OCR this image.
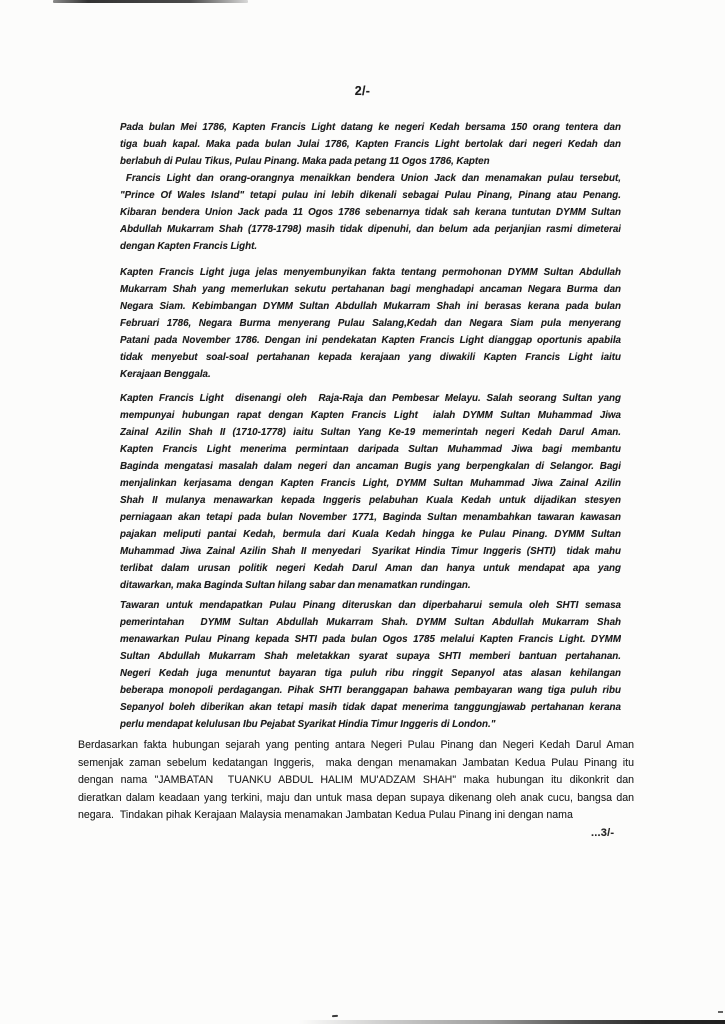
2/-
Pada bulan Mei 1786, Kapten Francis Light datang ke negeri Kedah bersama 150 orang tentera dan
tiga buah kapal. Maka pada bulan Julai 1786, Kapten Francis Light bertolak dari negeri Kedah dan
berlabuh di Pulau Tikus, Pulau Pinang. Maka pada petang 11 Ogos 1786, Kapten
Francis Light dan orang-orangnya menaikkan bendera Union Jack dan menamakan pulau tersebut,
"Prince Of Wales Island" tetapi pulau ini lebih dikenali sebagai Pulau Pinang, Pinang atau Penang.
Kibaran bendera Union Jack pada 11 Ogos 1786 sebenarnya tidak sah kerana tuntutan DYMM Sultan
Abdullah Mukarram Shah (1778-1798) masih tidak dipenuhi, dan belum ada perjanjian rasmi dimeterai
dengan Kapten Francis Light.
Kapten Francis Light juga jelas menyembunyikan fakta tentang permohonan DYMM Sultan Abdullah
Mukarram Shah yang memerlukan sekutu pertahanan bagi menghadapi ancaman Negara Burma dan
Negara Siam. Kebimbangan DYMM Sultan Abdullah Mukarram Shah ini berasas kerana pada bulan
Februari 1786, Negara Burma menyerang Pulau Salang,Kedah dan Negara Siam pula menyerang
Patani pada November 1786. Dengan ini pendekatan Kapten Francis Light dianggap oportunis apabila
tidak menyebut soal-soal pertahanan kepada kerajaan yang diwakili Kapten Francis Light iaitu
Kerajaan Benggala.
Kapten Francis Light  disenangi oleh  Raja-Raja dan Pembesar Melayu. Salah seorang Sultan yang
mempunyai hubungan rapat dengan Kapten Francis Light  ialah DYMM Sultan Muhammad Jiwa
Zainal Azilin Shah II (1710-1778) iaitu Sultan Yang Ke-19 memerintah negeri Kedah Darul Aman.
Kapten Francis Light menerima permintaan daripada Sultan Muhammad Jiwa bagi membantu
Baginda mengatasi masalah dalam negeri dan ancaman Bugis yang berpengkalan di Selangor. Bagi
menjalinkan kerjasama dengan Kapten Francis Light, DYMM Sultan Muhammad Jiwa Zainal Azilin
Shah II mulanya menawarkan kepada Inggeris pelabuhan Kuala Kedah untuk dijadikan stesyen
perniagaan akan tetapi pada bulan November 1771, Baginda Sultan menambahkan tawaran kawasan
pajakan meliputi pantai Kedah, bermula dari Kuala Kedah hingga ke Pulau Pinang. DYMM Sultan
Muhammad Jiwa Zainal Azilin Shah II menyedari  Syarikat Hindia Timur Inggeris (SHTI)  tidak mahu
terlibat dalam urusan politik negeri Kedah Darul Aman dan hanya untuk mendapat apa yang
ditawarkan, maka Baginda Sultan hilang sabar dan menamatkan rundingan.
Tawaran untuk mendapatkan Pulau Pinang diteruskan dan diperbaharui semula oleh SHTI semasa
pemerintahan  DYMM Sultan Abdullah Mukarram Shah. DYMM Sultan Abdullah Mukarram Shah
menawarkan Pulau Pinang kepada SHTI pada bulan Ogos 1785 melalui Kapten Francis Light. DYMM
Sultan Abdullah Mukarram Shah meletakkan syarat supaya SHTI memberi bantuan pertahanan.
Negeri Kedah juga menuntut bayaran tiga puluh ribu ringgit Sepanyol atas alasan kehilangan
beberapa monopoli perdagangan. Pihak SHTI beranggapan bahawa pembayaran wang tiga puluh ribu
Sepanyol boleh diberikan akan tetapi masih tidak dapat menerima tanggungjawab pertahanan kerana
perlu mendapat kelulusan Ibu Pejabat Syarikat Hindia Timur Inggeris di London."
Berdasarkan fakta hubungan sejarah yang penting antara Negeri Pulau Pinang dan Negeri Kedah Darul Aman
semenjak zaman sebelum kedatangan Inggeris,  maka dengan menamakan Jambatan Kedua Pulau Pinang itu
dengan nama "JAMBATAN  TUANKU ABDUL HALIM MU'ADZAM SHAH" maka hubungan itu dikonkrit dan
dieratkan dalam keadaan yang terkini, maju dan untuk masa depan supaya dikenang oleh anak cucu, bangsa dan
negara.  Tindakan pihak Kerajaan Malaysia menamakan Jambatan Kedua Pulau Pinang ini dengan nama
...3/-
